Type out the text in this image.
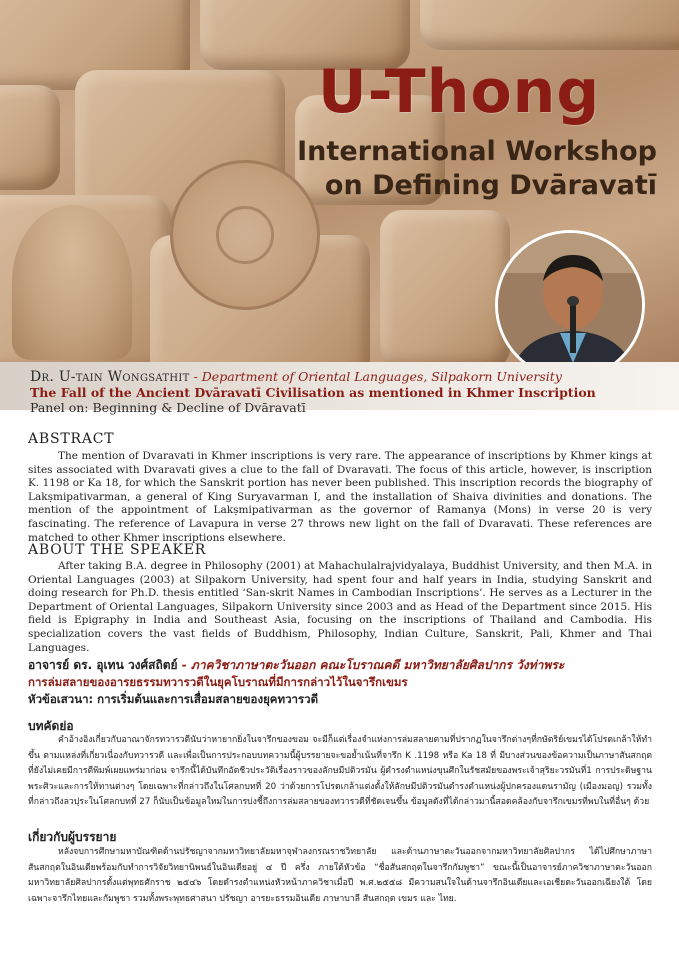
U-Thong
International Workshop
on Defining Dvāravatī
Dr. U-tain Wongsathit - Department of Oriental Languages, Silpakorn University
The Fall of the Ancient Dvāravatī Civilisation as mentioned in Khmer Inscription
Panel on: Beginning & Decline of Dvāravatī
ABSTRACT
The mention of Dvaravati in Khmer inscriptions is very rare. The appearance of inscriptions by Khmer kings at sites associated with Dvaravati gives a clue to the fall of Dvaravati. The focus of this article, however, is inscription K. 1198 or Ka 18, for which the Sanskrit portion has never been published. This inscription records the biography of Lakṣmipativarman, a general of King Suryavarman I, and the installation of Shaiva divinities and donations. The mention of the appointment of Lakṣmipativarman as the governor of Ramanya (Mons) in verse 20 is very fascinating. The reference of Lavapura in verse 27 throws new light on the fall of Dvaravati. These references are matched to other Khmer inscriptions elsewhere.
ABOUT THE SPEAKER
After taking B.A. degree in Philosophy (2001) at Mahachulalrajvidyalaya, Buddhist University, and then M.A. in Oriental Languages (2003) at Silpakorn University, had spent four and half years in India, studying Sanskrit and doing research for Ph.D. thesis entitled ‘San-skrit Names in Cambodian Inscriptions’. He serves as a Lecturer in the Department of Oriental Languages, Silpakorn University since 2003 and as Head of the Department since 2015. His field is Epigraphy in India and Southeast Asia, focusing on the inscriptions of Thailand and Cambodia. His specialization covers the vast fields of Buddhism, Philosophy, Indian Culture, Sanskrit, Pali, Khmer and Thai Languages.
อาจารย์ ดร. อุเทน วงศ์สถิตย์ - ภาควิชาภาษาตะวันออก คณะโบราณคดี มหาวิทยาลัยศิลปากร วังท่าพระ
การล่มสลายของอารยธรรมทวารวดีในยุคโบราณที่มีการกล่าวไว้ในจารึกเขมร
หัวข้อเสวนา: การเริ่มต้นและการเสื่อมสลายของยุคทวารวดี
บทคัดย่อ
คำอ้างอิงเกี่ยวกับอาณาจักรทวารวดีนับว่าหายากยิ่งในจารึกของขอม จะมีก็แต่เรื่องจำแห่งการล่มสลายตามที่ปรากฏในจารึกต่างๆที่กษัตริย์เขมรได้โปรดเกล้าให้ทำขึ้น ตามแหล่งที่เกี่ยวเนื่องกับทวารวดี และเพื่อเป็นการประกอบบทความนี้ผู้บรรยายจะขอย้ำเน้นที่จารึก K .1198 หรือ Ka 18 ที่ มีบางส่วนของข้อความเป็นภาษาสันสกฤต ที่ยังไม่เคยมีการตีพิมพ์เผยแพร่มาก่อน จารึกนี้ได้บันทึกอัตชีวประวัติเรื่องราวของลักษมีปติวรมัน ผู้ดำรงตำแหน่งขุนศึกในรัชสมัยของพระเจ้าสุริยะวรมันที่1 การประดิษฐานพระศิวะและการให้ทานต่างๆ โดยเฉพาะที่กล่าวถึงในโศลกบทที่ 20 ว่าด้วยการโปรดเกล้าแต่งตั้งให้ลักษมีปติวรมันดำรงตำแหน่งผู้ปกครองแดนรามัญ (เมืองมอญ) รวมทั้งที่กล่าวถึงลวปุระในโศลกบทที่ 27 ก็นับเป็นข้อมูลใหม่ในการบ่งชี้ถึงการล่มสลายของทวารวดีที่ชัดเจนขึ้น ข้อมูลดังที่ได้กล่าวมานี้สอดคล้องกับจารึกเขมรที่พบในที่อื่นๆ ด้วย
เกี่ยวกับผู้บรรยาย
หลังจบการศึกษามหาบัณฑิตด้านปรัชญาจากมหาวิทยาลัยมหาจุฬาลงกรณราชวิทยาลัย และด้านภาษาตะวันออกจากมหาวิทยาลัยศิลปากร ได้ไปศึกษาภาษาสันสกฤตในอินเดียพร้อมกับทำการวิจัยวิทยานิพนธ์ในอินเดียอยู่ ๔ ปี ครึ่ง ภายใต้หัวข้อ “ชื่อสันสกฤตในจารึกกัมพูชา” ขณะนี้เป็นอาจารย์ภาควิชาภาษาตะวันออก มหาวิทยาลัยศิลปากรตั้งแต่พุทธศักราช ๒๕๔๖ โดยดำรงตำแหน่งหัวหน้าภาควิชาเมื่อปี พ.ศ.๒๕๕๘ มีความสนใจในด้านจารึกอินเดียและเอเชียตะวันออกเฉียงใต้ โดยเฉพาะจารึกไทยและกัมพูชา รวมทั้งพระพุทธศาสนา ปรัชญา อารยะธรรมอินเดีย ภาษาบาลี สันสกฤต เขมร และ ไทย.
